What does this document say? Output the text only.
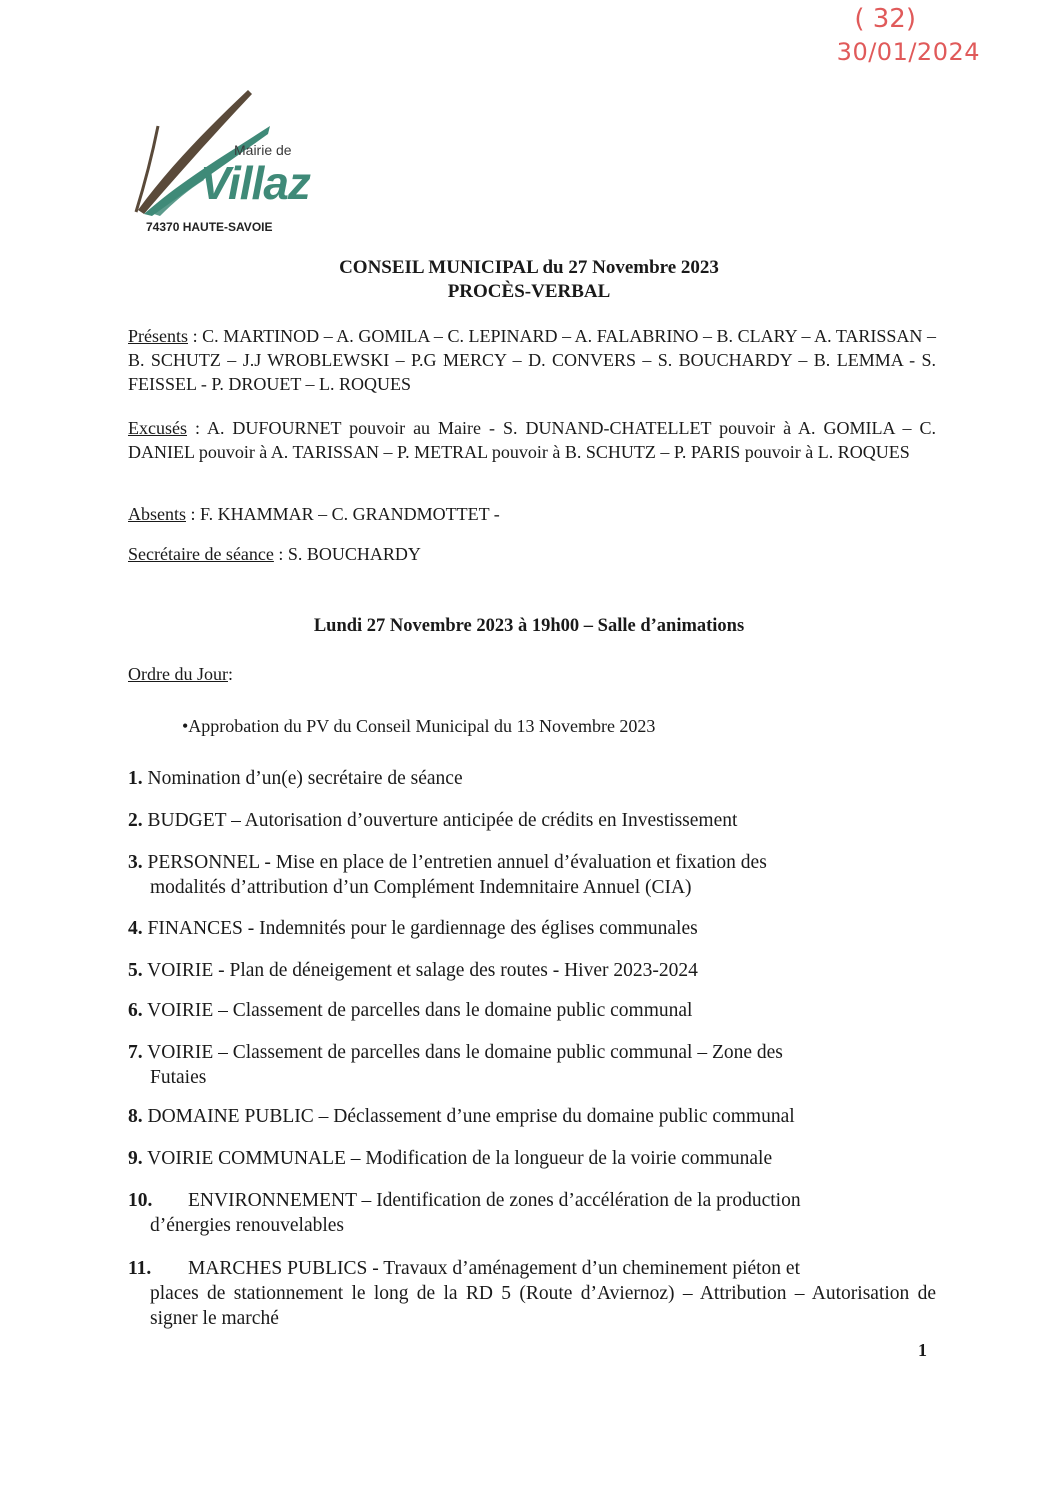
( 32)
30/01/2024
Mairie de
Villaz
74370 HAUTE-SAVOIE
CONSEIL MUNICIPAL du 27 Novembre 2023
PROCÈS-VERBAL
Présents : C. MARTINOD – A. GOMILA – C. LEPINARD – A. FALABRINO – B. CLARY – A. TARISSAN – B. SCHUTZ – J.J WROBLEWSKI – P.G MERCY – D. CONVERS – S. BOUCHARDY – B. LEMMA - S. FEISSEL - P. DROUET – L. ROQUES
Excusés : A. DUFOURNET pouvoir au Maire - S. DUNAND-CHATELLET pouvoir à A. GOMILA – C. DANIEL pouvoir à A. TARISSAN – P. METRAL pouvoir à B. SCHUTZ – P. PARIS pouvoir à L. ROQUES
Absents : F. KHAMMAR – C. GRANDMOTTET -
Secrétaire de séance : S. BOUCHARDY
Lundi 27 Novembre 2023 à 19h00 – Salle d’animations
Ordre du Jour:
•Approbation du PV du Conseil Municipal du 13 Novembre 2023
1. Nomination d’un(e) secrétaire de séance
2. BUDGET – Autorisation d’ouverture anticipée de crédits en Investissement
3. PERSONNEL - Mise en place de l’entretien annuel d’évaluation et fixation des
modalités d’attribution d’un Complément Indemnitaire Annuel (CIA)
4. FINANCES - Indemnités pour le gardiennage des églises communales
5. VOIRIE - Plan de déneigement et salage des routes - Hiver 2023-2024
6. VOIRIE – Classement de parcelles dans le domaine public communal
7. VOIRIE – Classement de parcelles dans le domaine public communal – Zone des
Futaies
8. DOMAINE PUBLIC – Déclassement d’une emprise du domaine public communal
9. VOIRIE COMMUNALE – Modification de la longueur de la voirie communale
10. ENVIRONNEMENT – Identification de zones d’accélération de la production
d’énergies renouvelables
11. MARCHES PUBLICS - Travaux d’aménagement d’un cheminement piéton et
places de stationnement le long de la RD 5 (Route d’Aviernoz) – Attribution – Autorisation de signer le marché
1
